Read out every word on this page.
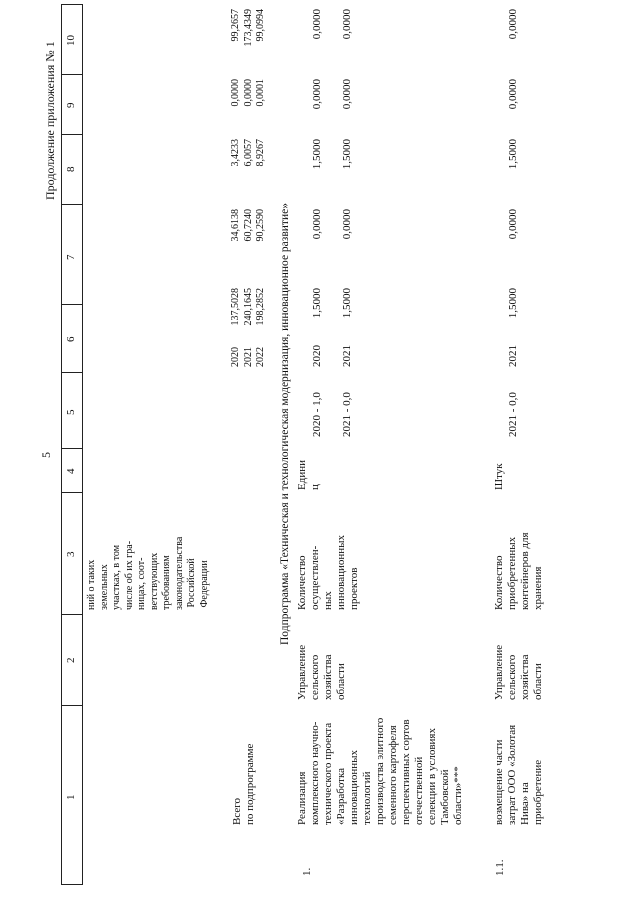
5
Продолжение приложения № 1
1
2
3
4
5
6
7
8
9
10
ний о таких
земельных
участках, в том
числе об их гра-
ницах, соот-
ветствующих
требованиям
законодательства
Российской
Федерации
Всего
по подпрограмме
2020
2021
2022
137,5028
240,1645
198,2852
34,6138
60,7240
90,2590
3,4233
6,0057
8,9267
0,0000
0,0000
0,0001
99,2657
173,4349
99,0994
Подпрограмма «Техническая и технологическая модернизация, инновационное развитие»
1.
Реализация
комплексного научно-
технического проекта
«Разработка
инновационных
технологий
производства элитного
семенного картофеля
перспективных сортов
отечественной
селекции в условиях
Тамбовской
области»***
Управление
сельского
хозяйства
области
Количество
осуществлен-
ных
инновационных
проектов
Едини
ц
2020 - 1,0 2021 - 0,0
2020
1,5000
0,0000
1,5000
0,0000
0,0000
2021
1,5000
0,0000
1,5000
0,0000
0,0000
1.1.
возмещение части
затрат ООО «Золотая
Нива» на
приобретение
Управление
сельского
хозяйства
области
Количество
приобретенных
контейнеров для
хранения
Штук
2021 - 0,0
2021
1,5000
0,0000
1,5000
0,0000
0,0000
